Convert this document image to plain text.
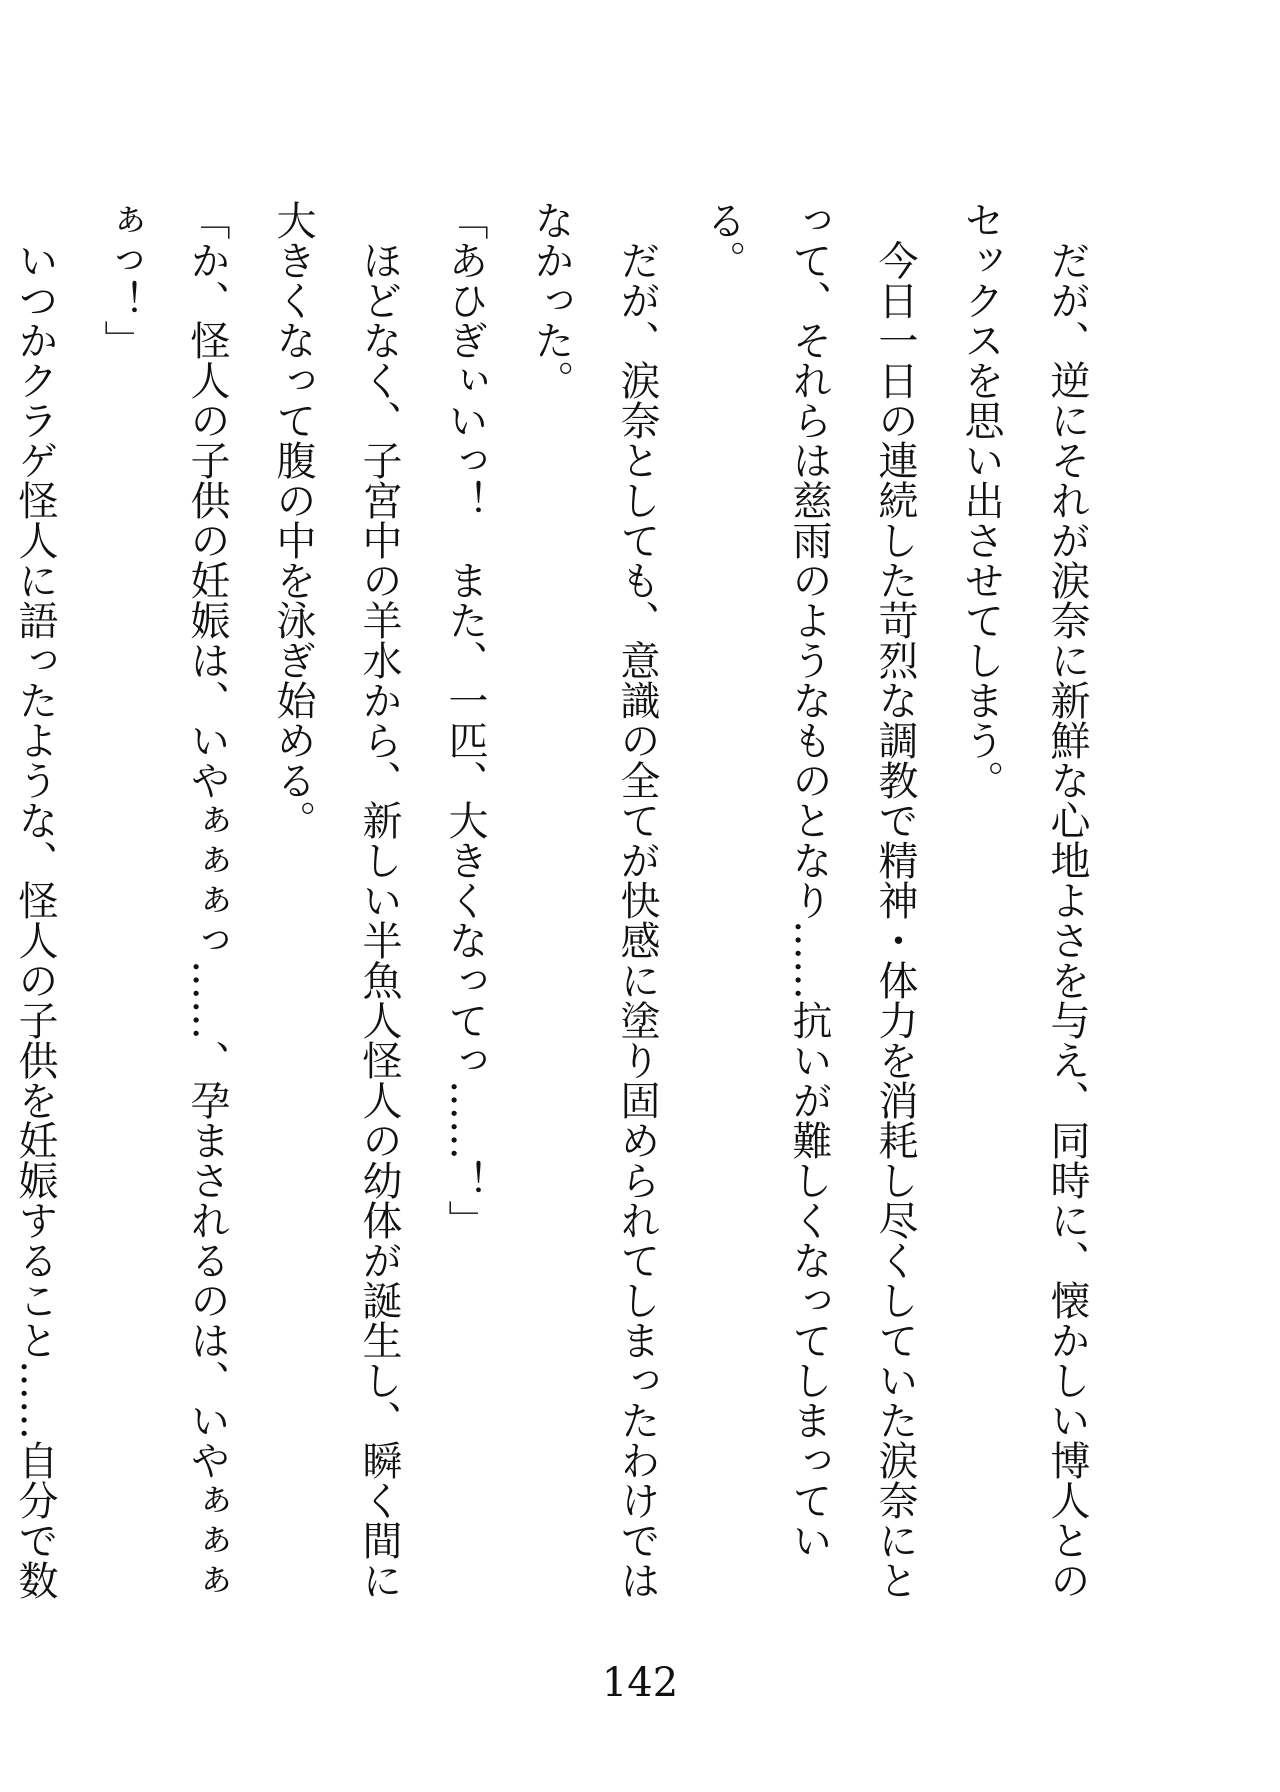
　だが、逆にそれが涙奈に新鮮な心地よさを与え、同時に、懐かしい博人とのセックスを思い出させてしまう。

　今日一日の連続した苛烈な調教で精神・体力を消耗し尽くしていた涙奈にとって、それらは慈雨のようなものとなり……抗いが難しくなってしまっている。

　だが、涙奈としても、意識の全てが快感に塗り固められてしまったわけではなかった。

「あひぎぃいっ！　また、一匹、大きくなってっ……！」

　ほどなく、子宮中の羊水から、新しい半魚人怪人の幼体が誕生し、瞬く間に大きくなって腹の中を泳ぎ始める。

「か、怪人の子供の妊娠は、いやぁぁぁっ……、孕まされるのは、いやぁぁぁぁっ！」

　いつかクラゲ怪人に語ったような、怪人の子供を妊娠すること……自分で数

142
